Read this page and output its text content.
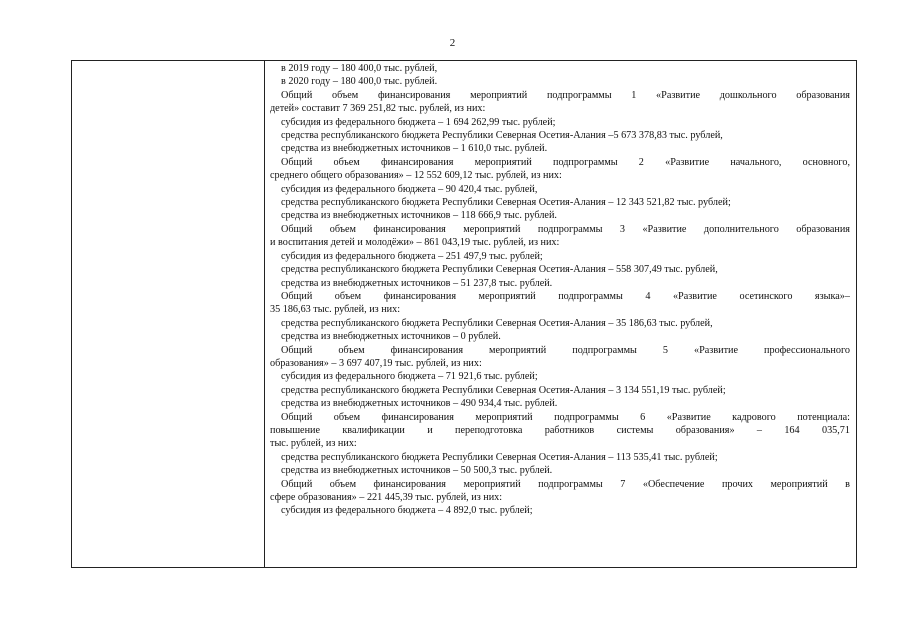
2
в 2019 году – 180 400,0 тыс. рублей,
в 2020 году – 180 400,0 тыс. рублей.
Общий объем финансирования мероприятий подпрограммы 1 «Развитие дошкольного образования
детей» составит 7 369 251,82 тыс. рублей, из них:
субсидия из федерального бюджета – 1 694 262,99 тыс. рублей;
средства республиканского бюджета Республики Северная Осетия-Алания –5 673 378,83 тыс. рублей,
средства из внебюджетных источников – 1 610,0 тыс. рублей.
Общий объем финансирования мероприятий подпрограммы 2 «Развитие начального, основного,
среднего общего образования» – 12 552 609,12 тыс. рублей, из них:
субсидия из федерального бюджета – 90 420,4 тыс. рублей,
средства республиканского бюджета Республики Северная Осетия-Алания – 12 343 521,82 тыс. рублей;
средства из внебюджетных источников – 118 666,9 тыс. рублей.
Общий объем финансирования мероприятий подпрограммы 3 «Развитие дополнительного образования
и воспитания детей и молодёжи» – 861 043,19 тыс. рублей, из них:
субсидия из федерального бюджета – 251 497,9 тыс. рублей;
средства республиканского бюджета Республики Северная Осетия-Алания – 558 307,49 тыс. рублей,
средства из внебюджетных источников – 51 237,8 тыс. рублей.
Общий объем финансирования мероприятий подпрограммы 4 «Развитие осетинского языка»–
35 186,63 тыс. рублей, из них:
средства республиканского бюджета Республики Северная Осетия-Алания – 35 186,63 тыс. рублей,
средства из внебюджетных источников – 0 рублей.
Общий объем финансирования мероприятий подпрограммы 5 «Развитие профессионального
образования» – 3 697 407,19 тыс. рублей, из них:
субсидия из федерального бюджета – 71 921,6 тыс. рублей;
средства республиканского бюджета Республики Северная Осетия-Алания – 3 134 551,19 тыс. рублей;
средства из внебюджетных источников – 490 934,4 тыс. рублей.
Общий объем финансирования мероприятий подпрограммы 6 «Развитие кадрового потенциала:
повышение квалификации и переподготовка работников системы образования» – 164 035,71
тыс. рублей, из них:
средства республиканского бюджета Республики Северная Осетия-Алания – 113 535,41 тыс. рублей;
средства из внебюджетных источников – 50 500,3 тыс. рублей.
Общий объем финансирования мероприятий подпрограммы 7 «Обеспечение прочих мероприятий в
сфере образования» – 221 445,39 тыс. рублей, из них:
субсидия из федерального бюджета – 4 892,0 тыс. рублей;
